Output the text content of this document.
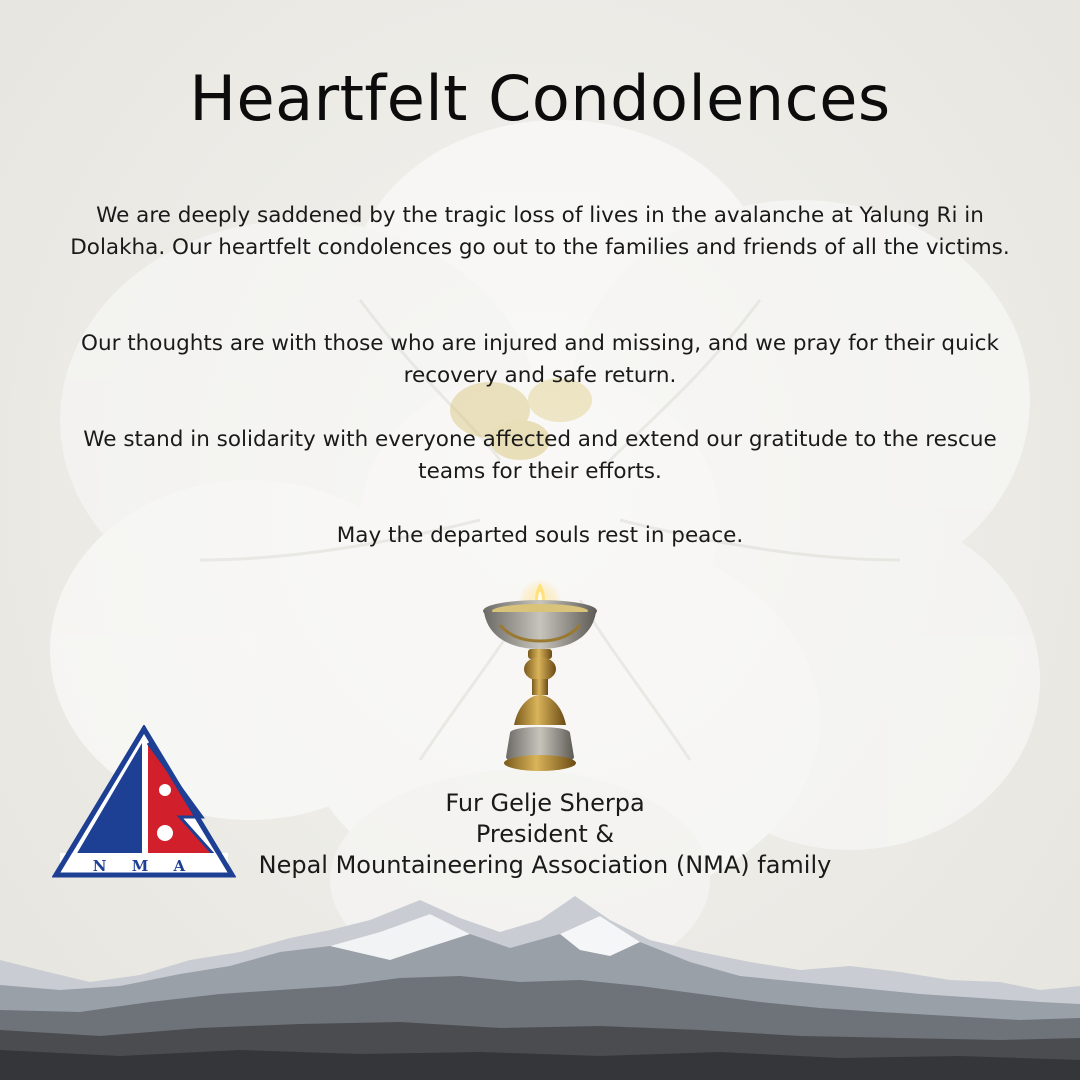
Heartfelt Condolences

We are deeply saddened by the tragic loss of lives in the avalanche at Yalung Ri in Dolakha. Our heartfelt condolences go out to the families and friends of all the victims.

Our thoughts are with those who are injured and missing, and we pray for their quick recovery and safe return.

We stand in solidarity with everyone affected and extend our gratitude to the rescue teams for their efforts.

May the departed souls rest in peace.

N M A

Fur Gelje Sherpa

President &

Nepal Mountaineering Association (NMA) family
